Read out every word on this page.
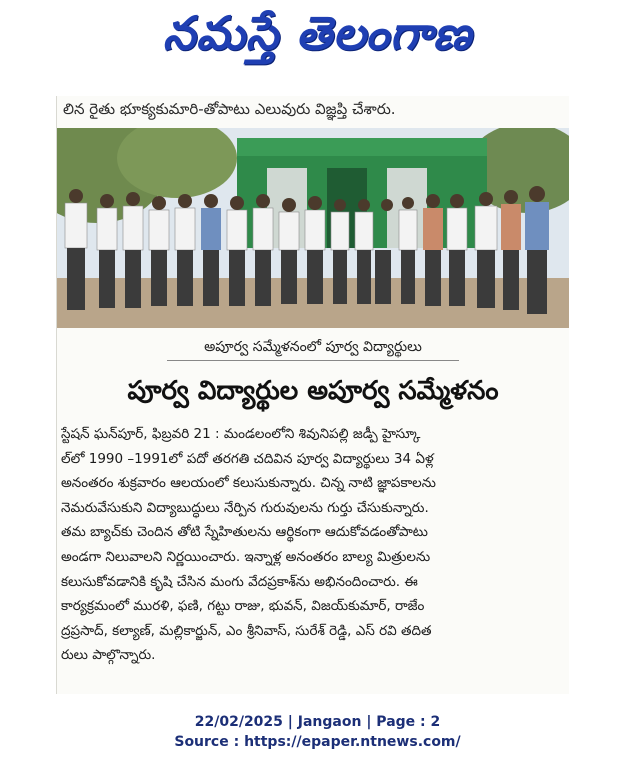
నమస్తే తెలంగాణ
లిన రైతు భూక్యకుమారి-తోపాటు ఎలువురు విజ్ఞప్తి చేశారు.
అపూర్వ సమ్మేళనంలో పూర్వ విద్యార్థులు
పూర్వ విద్యార్థుల అపూర్వ సమ్మేళనం
స్టేషన్ ఘన్‌పూర్, ఫిబ్రవరి 21 : మండలంలోని శివునిపల్లి జడ్పీ హైస్కూ
ల్‌లో 1990 –1991లో పదో తరగతి చదివిన పూర్వ విద్యార్థులు 34 ఏళ్ల
అనంతరం శుక్రవారం ఆలయంలో కలుసుకున్నారు. చిన్న నాటి జ్ఞాపకాలను
నెమరువేసుకుని విద్యాబుద్ధులు నేర్పిన గురువులను గుర్తు చేసుకున్నారు.
తమ బ్యాచ్‌కు చెందిన తోటి స్నేహితులను ఆర్థికంగా ఆదుకోవడంతోపాటు
అండగా నిలువాలని నిర్ణయించారు. ఇన్నాళ్ల అనంతరం బాల్య మిత్రులను
కలుసుకోవడానికి కృషి చేసిన మంగు వేదప్రకాశ్‌ను అభినందించారు. ఈ
కార్యక్రమంలో మురళి, ఫణి, గట్టు రాజు, భువన్, విజయ్‌కుమార్, రాజేం
ద్రప్రసాద్, కల్యాణ్, మల్లికార్జున్, ఎం శ్రీనివాస్, సురేశ్ రెడ్డి, ఎస్ రవి తదిత
రులు పాల్గొన్నారు.
22/02/2025 | Jangaon | Page : 2
Source : https://epaper.ntnews.com/
